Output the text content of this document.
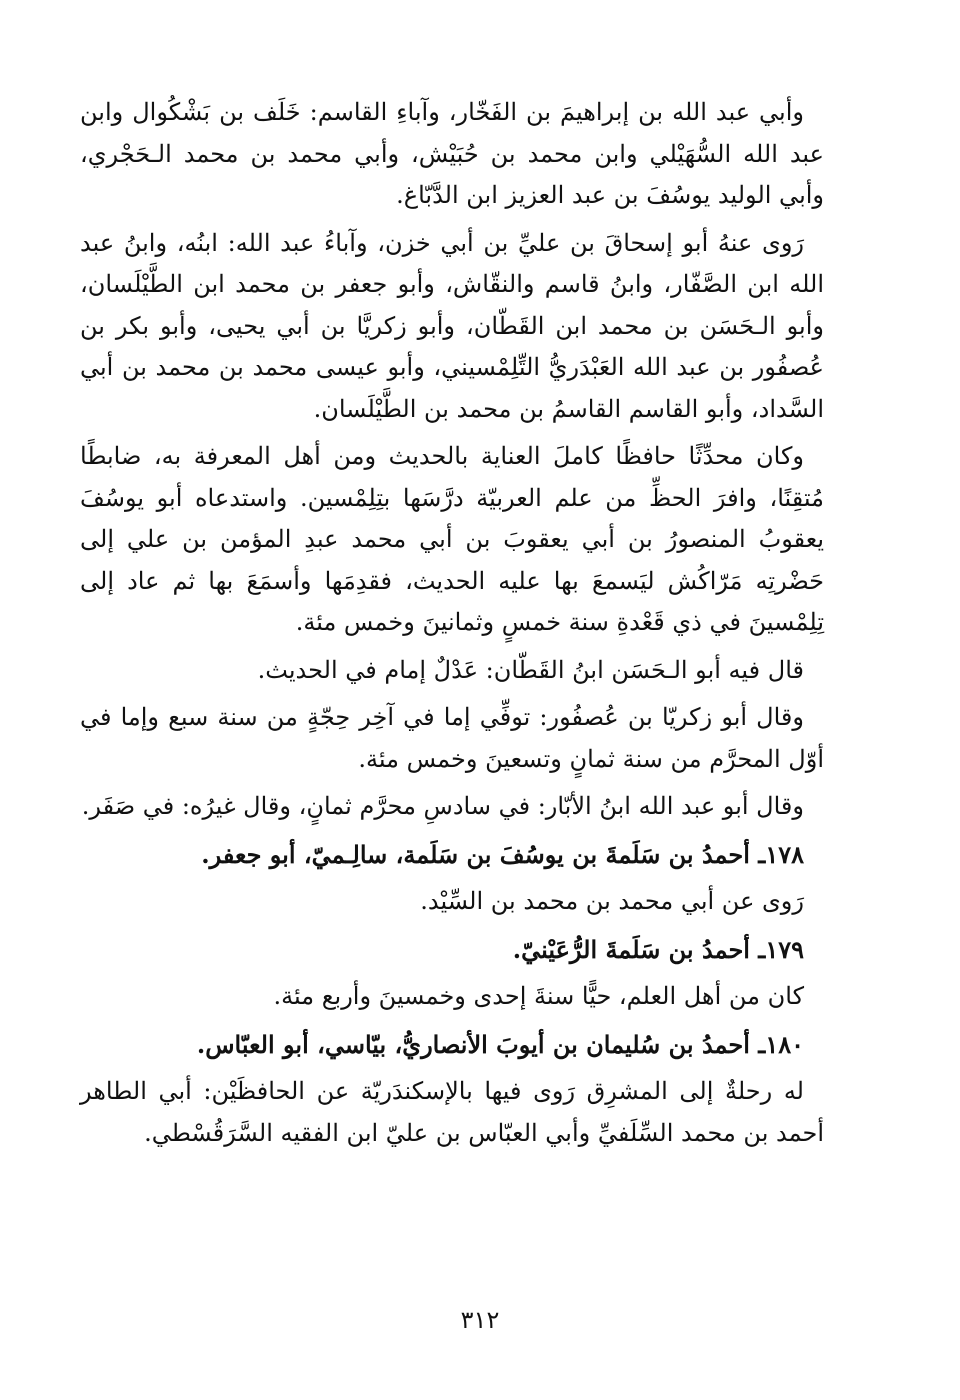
وأبي عبد الله بن إبراهيمَ بن الفَخّار، وآباءِ القاسم: خَلَف بن بَشْكُوال وابن عبد الله السُّهَيْلي وابن محمد بن حُبَيْش، وأبي محمد بن محمد الـحَجْري، وأبي الوليد يوسُفَ بن عبد العزيز ابن الدَّبّاغ.

رَوى عنهُ أبو إسحاقَ بن عليِّ بن أبي خزن، وآباءُ عبد الله: ابنُه، وابنُ عبد الله ابن الصَّفّار، وابنُ قاسم والنقّاش، وأبو جعفر بن محمد ابن الطَّيْلَسان، وأبو الـحَسَن بن محمد ابن القَطّان، وأبو زكريَّا بن أبي يحيى، وأبو بكر بن عُصفُور بن عبد الله العَبْدَريُّ التِّلِمْسيني، وأبو عيسى محمد بن محمد بن أبي السَّداد، وأبو القاسم القاسمُ بن محمد بن الطَّيْلَسان.

وكان محدِّثًا حافظًا كاملَ العناية بالحديث ومن أهل المعرفة به، ضابطًا مُتقِنًا، وافرَ الحظِّ من علم العربيّة درَّسَها بتِلِمْسين. واستدعاه أبو يوسُفَ يعقوبُ المنصورُ بن أبي يعقوبَ بن أبي محمد عبدِ المؤمن بن علي إلى حَضْرتِه مَرّاكُش ليَسمعَ بها عليه الحديث، فقدِمَها وأسمَعَ بها ثم عاد إلى تِلِمْسينَ في ذي قَعْدةِ سنة خمسٍ وثمانينَ وخمس مئة.

قال فيه أبو الـحَسَن ابنُ القَطّان: عَدْلٌ إمام في الحديث.

وقال أبو زكريّا بن عُصفُور: توفِّي إما في آخِر حِجّةٍ من سنة سبع وإما في أوّل المحرَّم من سنة ثمانٍ وتسعينَ وخمس مئة.

وقال أبو عبد الله ابنُ الأبّار: في سادسِ محرَّم ثمانٍ، وقال غيرُه: في صَفَر.

١٧٨ـ أحمدُ بن سَلَمةَ بن يوسُفَ بن سَلَمة، سالِـميّ، أبو جعفر.

رَوى عن أبي محمد بن محمد بن السِّيْد.

١٧٩ـ أحمدُ بن سَلَمةَ الرُّعَيْنيّ.

كان من أهل العلم، حيًّا سنةَ إحدى وخمسينَ وأربع مئة.

١٨٠ـ أحمدُ بن سُليمان بن أيوبَ الأنصاريُّ، بيّاسي، أبو العبّاس.

له رحلةٌ إلى المشرِق رَوى فيها بالإسكندَريّة عن الحافظَيْن: أبي الطاهر أحمد بن محمد السِّلَفيِّ وأبي العبّاس بن عليّ ابن الفقيه السَّرَقُسْطي.

٣١٢
